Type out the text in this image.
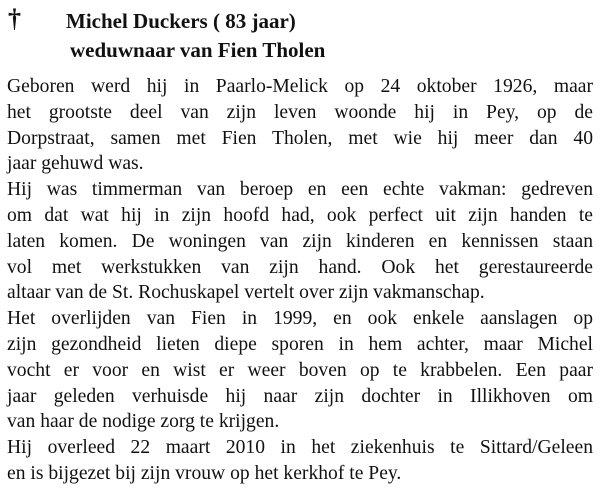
† Michel Duckers ( 83 jaar)
weduwnaar van Fien Tholen

Geboren werd hij in Paarlo-Melick op 24 oktober 1926, maar
het grootste deel van zijn leven woonde hij in Pey, op de
Dorpstraat, samen met Fien Tholen, met wie hij meer dan 40
jaar gehuwd was.

Hij was timmerman van beroep en een echte vakman: gedreven
om dat wat hij in zijn hoofd had, ook perfect uit zijn handen te
laten komen. De woningen van zijn kinderen en kennissen staan
vol met werkstukken van zijn hand. Ook het gerestaureerde
altaar van de St. Rochuskapel vertelt over zijn vakmanschap.

Het overlijden van Fien in 1999, en ook enkele aanslagen op
zijn gezondheid lieten diepe sporen in hem achter, maar Michel
vocht er voor en wist er weer boven op te krabbelen. Een paar
jaar geleden verhuisde hij naar zijn dochter in Illikhoven om
van haar de nodige zorg te krijgen.

Hij overleed 22 maart 2010 in het ziekenhuis te Sittard/Geleen
en is bijgezet bij zijn vrouw op het kerkhof te Pey.
